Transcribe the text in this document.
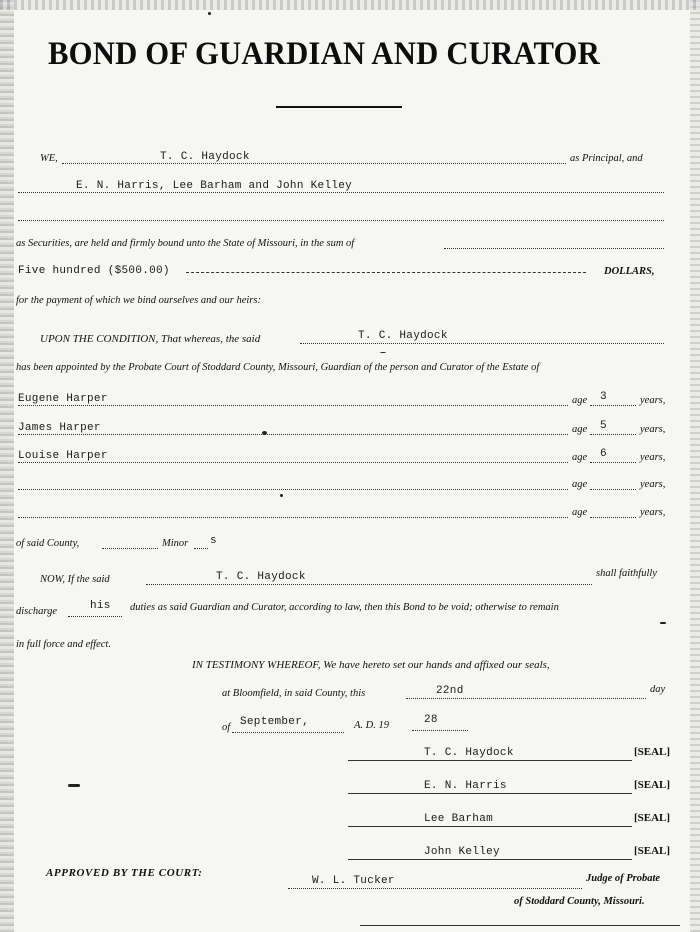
BOND OF GUARDIAN AND CURATOR
WE,	T. C. Haydock	as Principal, and
E. N. Harris, Lee Barham and John Kelley
as Securities, are held and firmly bound unto the State of Missouri, in the sum of
Five hundred ($500.00)	DOLLARS,
for the payment of which we bind ourselves and our heirs:
UPON THE CONDITION, That whereas, the said	T. C. Haydock
has been appointed by the Probate Court of Stoddard County, Missouri, Guardian of the person and Curator of the Estate of
Eugene Harper	age 3	years,
James Harper	age 5	years,
Louise Harper	age 6	years,
age	years,
age	years,
of said County,	Minor s
NOW, If the said	T. C. Haydock	shall faithfully
discharge	his duties as said Guardian and Curator, according to law, then this Bond to be void; otherwise to remain
in full force and effect.
IN TESTIMONY WHEREOF, We have hereto set our hands and affixed our seals,
at Bloomfield, in said County, this	22nd	day
of September,	A. D. 19	28
T. C. Haydock	[SEAL]
E. N. Harris	[SEAL]
Lee Barham	[SEAL]
John Kelley	[SEAL]
APPROVED BY THE COURT:
W. L. Tucker	Judge of Probate
of Stoddard County, Missouri.
